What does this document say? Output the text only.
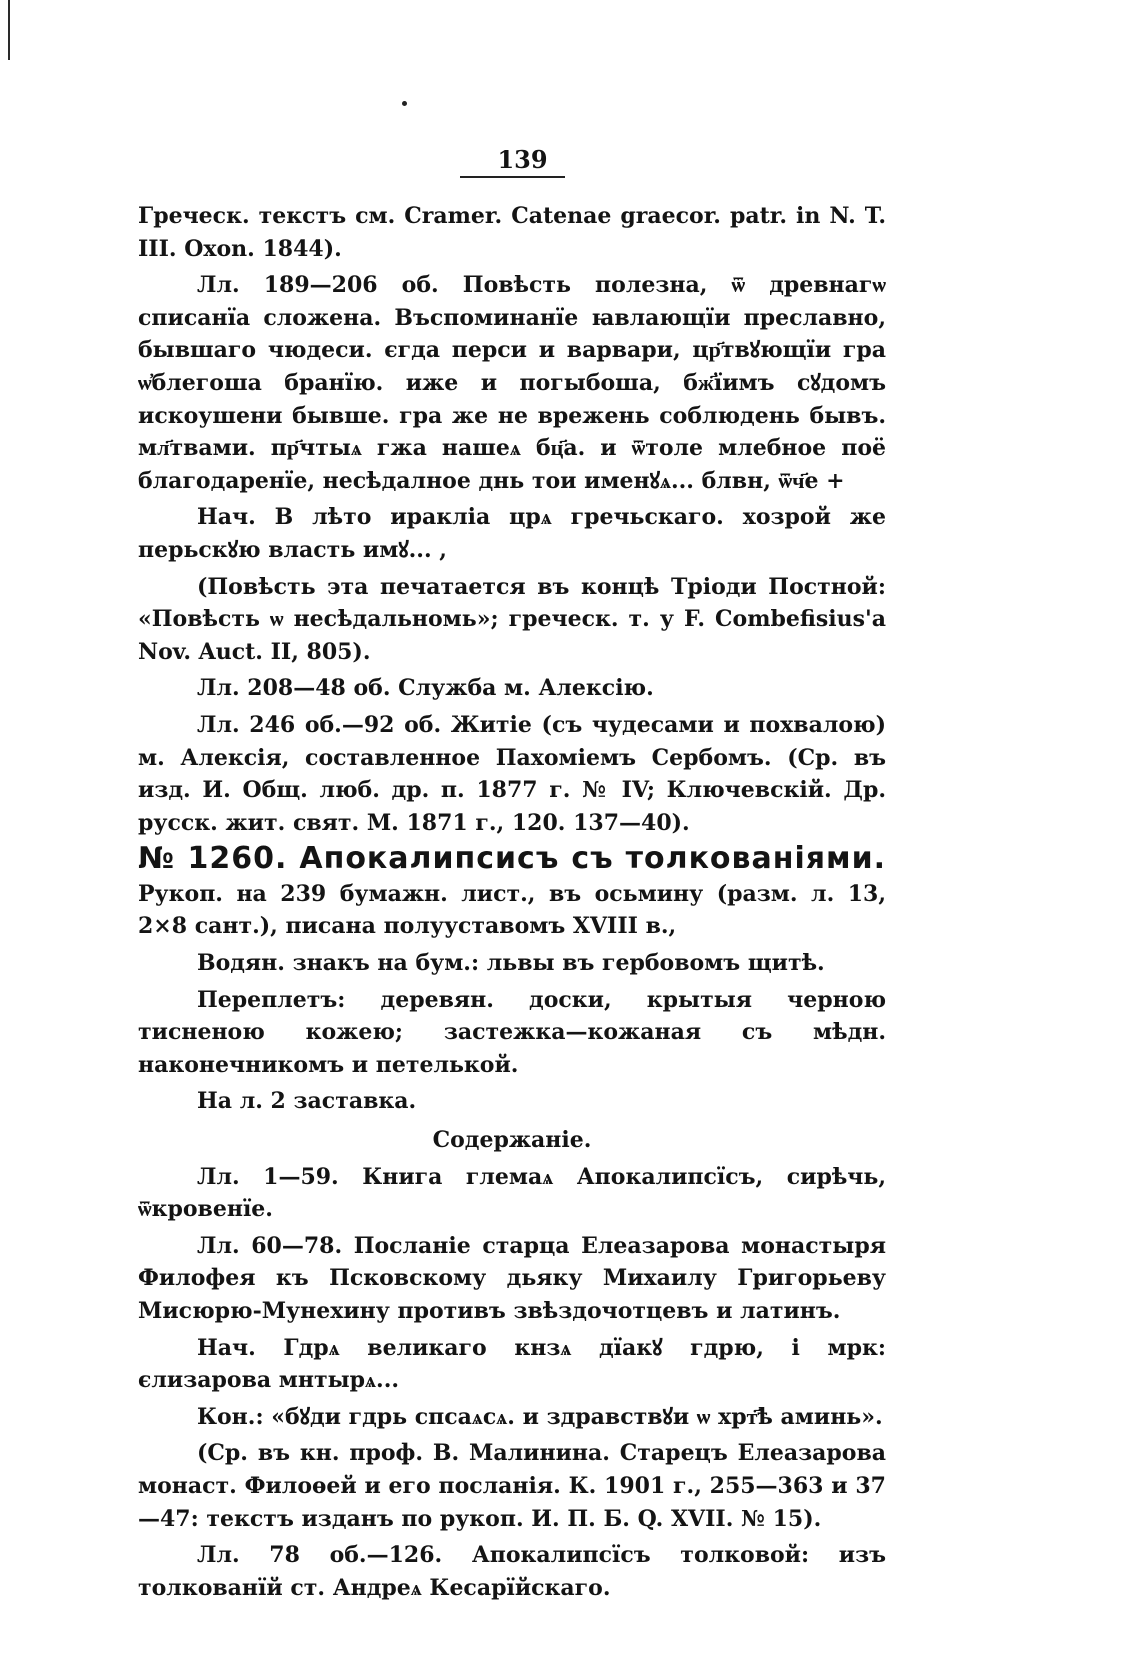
139

Греческ. текстъ см. Cramer. Catenae graecor. patr. in N. T. III. Oxon. 1844).

Лл. 189—206 об. Повѣсть полезна, ѿ древнагѡ списанїа сложена. Въспоминанїе ꙗвлающїи преславно, бывшаго чюдеси. єгда перси и варвари, цр҃твꙋющїи гра ѡ҆блегоша бранїю. иже и погыбоша, бж҃їимъ сꙋдомъ искоушени бывше. гра же не врежень соблюдень бывъ. мл҃твами. пр҃чтыѧ гжа нашеѧ бц҃а. и ѿтоле млебное поё благодаренїе, несѣдалное днь тои именꙋѧ... блвн, ѿч҃е +

Нач. В лѣто иракліа црѧ гречьскаго. хозрой же перьскꙋю власть имꙋ... ,

(Повѣсть эта печатается въ концѣ Тріоди Постной: «Повѣсть ѡ несѣдальномь»; греческ. т. у F. Combefisius'a Nov. Auct. II, 805).

Лл. 208—48 об. Служба м. Алексію.

Лл. 246 об.—92 об. Житіе (съ чудесами и похвалою) м. Алексія, составленное Пахоміемъ Сербомъ. (Ср. въ изд. И. Общ. люб. др. п. 1877 г. № IV; Ключевскій. Др. русск. жит. свят. М. 1871 г., 120. 137—40).

№ 1260. Апокалипсисъ съ толкованіями. Рукоп. на 239 бумажн. лист., въ осьмину (разм. л. 13, 2×8 сант.), писана полууставомъ XVIII в.,

Водян. знакъ на бум.: львы въ гербовомъ щитѣ.

Переплетъ: деревян. доски, крытыя черною тисненою кожею; застежка—кожаная съ мѣдн. наконечникомъ и петелькой.

На л. 2 заставка.

Содержаніе.

Лл. 1—59. Книга глемаѧ Апокалипсїсъ, сирѣчь, ѿкровенїе.

Лл. 60—78. Посланіе старца Елеазарова монастыря Филофея къ Псковскому дьяку Михаилу Григорьеву Мисюрю-Мунехину противъ звѣздочотцевъ и латинъ.

Нач. Гдрѧ великаго кнзѧ дїакꙋ гдрю, і мрк: єлизарова мнтырѧ...

Кон.: «бꙋди гдрь спсаѧсѧ. и здравствꙋи ѡ хрт҃ѣ аминь».

(Ср. въ кн. проф. В. Малинина. Старецъ Елеазарова монаст. Филоѳей и его посланія. К. 1901 г., 255—363 и 37—47: текстъ изданъ по рукоп. И. П. Б. Q. XVII. № 15).

Лл. 78 об.—126. Апокалипсїсъ толковой: изъ толкованїй ст. Андреѧ Кесарїйскаго.
